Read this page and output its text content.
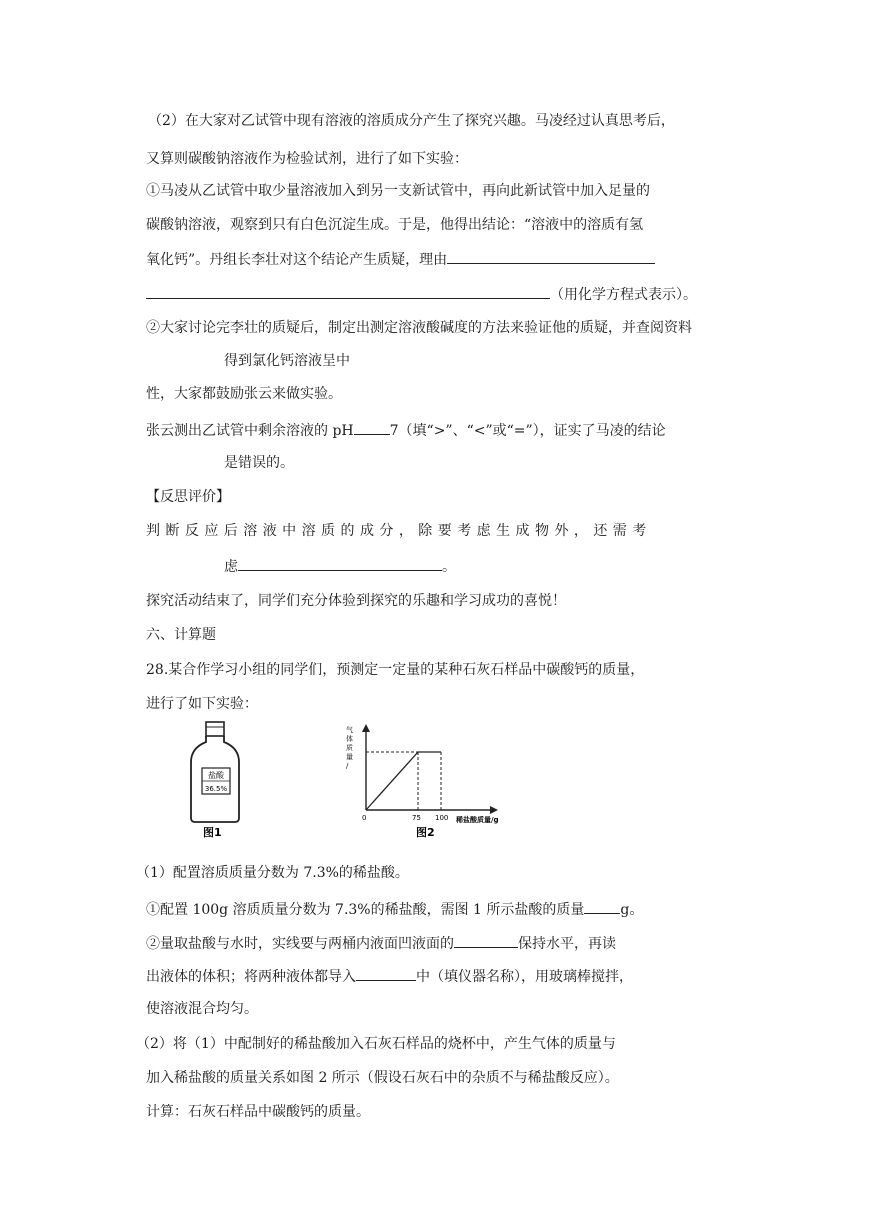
（2）在大家对乙试管中现有溶液的溶质成分产生了探究兴趣。马凌经过认真思考后，
又算则碳酸钠溶液作为检验试剂，进行了如下实验：
①马凌从乙试管中取少量溶液加入到另一支新试管中，再向此新试管中加入足量的
碳酸钠溶液，观察到只有白色沉淀生成。于是，他得出结论：“溶液中的溶质有氢
氧化钙”。丹组长李壮对这个结论产生质疑，理由
（用化学方程式表示）。
②大家讨论完李壮的质疑后，制定出测定溶液酸碱度的方法来验证他的质疑，并查阅资料
得到氯化钙溶液呈中
性，大家都鼓励张云来做实验。
张云测出乙试管中剩余溶液的 pH	7（填“>”、“<”或“=”），证实了马凌的结论
是错误的。
【反思评价】
判 断 反 应 后 溶 液 中 溶 质 的 成 分 ， 除 要 考 虑 生 成 物 外 ， 还 需 考
虑	。
探究活动结束了，同学们充分体验到探究的乐趣和学习成功的喜悦！
六、计算题
28.某合作学习小组的同学们，预测定一定量的某种石灰石样品中碳酸钙的质量，
进行了如下实验：
盐酸
36.5%
图1
气 体 质 量 /
0	75 100 稀盐酸质量/g
图2
（1）配置溶质质量分数为 7.3%的稀盐酸。
①配置 100g 溶质质量分数为 7.3%的稀盐酸，需图 1 所示盐酸的质量	g。
②量取盐酸与水时，实线要与两桶内液面凹液面的	保持水平，再读
出液体的体积；将两种液体都导入	中（填仪器名称），用玻璃棒搅拌，
使溶液混合均匀。
（2）将（1）中配制好的稀盐酸加入石灰石样品的烧杯中，产生气体的质量与
加入稀盐酸的质量关系如图 2 所示（假设石灰石中的杂质不与稀盐酸反应）。
计算：石灰石样品中碳酸钙的质量。
